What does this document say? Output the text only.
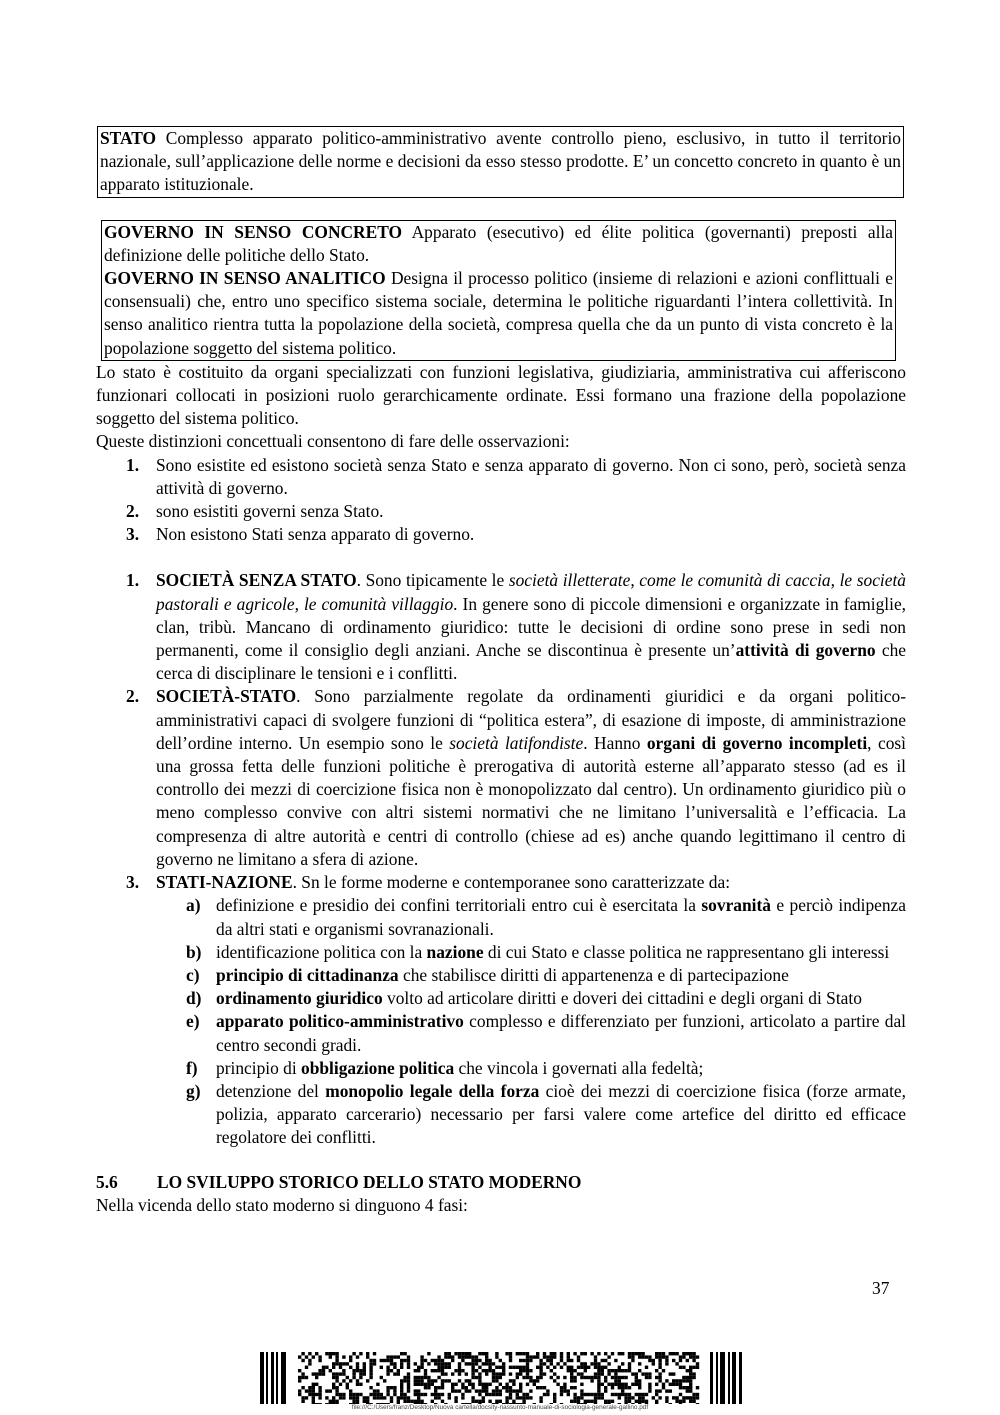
STATO Complesso apparato politico-amministrativo avente controllo pieno, esclusivo, in tutto il territorio nazionale, sull’applicazione delle norme e decisioni da esso stesso prodotte. E’ un concetto concreto in quanto è un apparato istituzionale.
GOVERNO IN SENSO CONCRETO Apparato (esecutivo) ed élite politica (governanti) preposti alla definizione delle politiche dello Stato.
GOVERNO IN SENSO ANALITICO Designa il processo politico (insieme di relazioni e azioni conflittuali e consensuali) che, entro uno specifico sistema sociale, determina le politiche riguardanti l’intera collettività. In senso analitico rientra tutta la popolazione della società, compresa quella che da un punto di vista concreto è la popolazione soggetto del sistema politico.

Lo stato è costituito da organi specializzati con funzioni legislativa, giudiziaria, amministrativa cui afferiscono funzionari collocati in posizioni ruolo gerarchicamente ordinate. Essi formano una frazione della popolazione soggetto del sistema politico.

Queste distinzioni concettuali consentono di fare delle osservazioni:

1. Sono esistite ed esistono società senza Stato e senza apparato di governo. Non ci sono, però, società senza attività di governo.
2. sono esistiti governi senza Stato.
3. Non esistono Stati senza apparato di governo.
1. SOCIETÀ SENZA STATO. Sono tipicamente le società illetterate, come le comunità di caccia, le società pastorali e agricole, le comunità villaggio. In genere sono di piccole dimensioni e organizzate in famiglie, clan, tribù. Mancano di ordinamento giuridico: tutte le decisioni di ordine sono prese in sedi non permanenti, come il consiglio degli anziani. Anche se discontinua è presente un’attività di governo che cerca di disciplinare le tensioni e i conflitti.
2. SOCIETÀ-STATO. Sono parzialmente regolate da ordinamenti giuridici e da organi politico-amministrativi capaci di svolgere funzioni di “politica estera”, di esazione di imposte, di amministrazione dell’ordine interno. Un esempio sono le società latifondiste. Hanno organi di governo incompleti, così una grossa fetta delle funzioni politiche è prerogativa di autorità esterne all’apparato stesso (ad es il controllo dei mezzi di coercizione fisica non è monopolizzato dal centro). Un ordinamento giuridico più o meno complesso convive con altri sistemi normativi che ne limitano l’universalità e l’efficacia. La compresenza di altre autorità e centri di controllo (chiese ad es) anche quando legittimano il centro di governo ne limitano a sfera di azione.
3. STATI-NAZIONE. Sn le forme moderne e contemporanee sono caratterizzate da:
a) definizione e presidio dei confini territoriali entro cui è esercitata la sovranità e perciò indipenza da altri stati e organismi sovranazionali.
b) identificazione politica con la nazione di cui Stato e classe politica ne rappresentano gli interessi
c) principio di cittadinanza che stabilisce diritti di appartenenza e di partecipazione
d) ordinamento giuridico volto ad articolare diritti e doveri dei cittadini e degli organi di Stato
e) apparato politico-amministrativo complesso e differenziato per funzioni, articolato a partire dal centro secondi gradi.
f) principio di obbligazione politica che vincola i governati alla fedeltà;
g) detenzione del monopolio legale della forza cioè dei mezzi di coercizione fisica (forze armate, polizia, apparato carcerario) necessario per farsi valere come artefice del diritto ed efficace regolatore dei conflitti.
5.6 LO SVILUPPO STORICO DELLO STATO MODERNO
Nella vicenda dello stato moderno si dinguono 4 fasi:
37
file:///C:/Users/franz/Desktop/Nuova cartella/docsity-riassunto-manuale-di-sociologia-generale-gallino.pdf
